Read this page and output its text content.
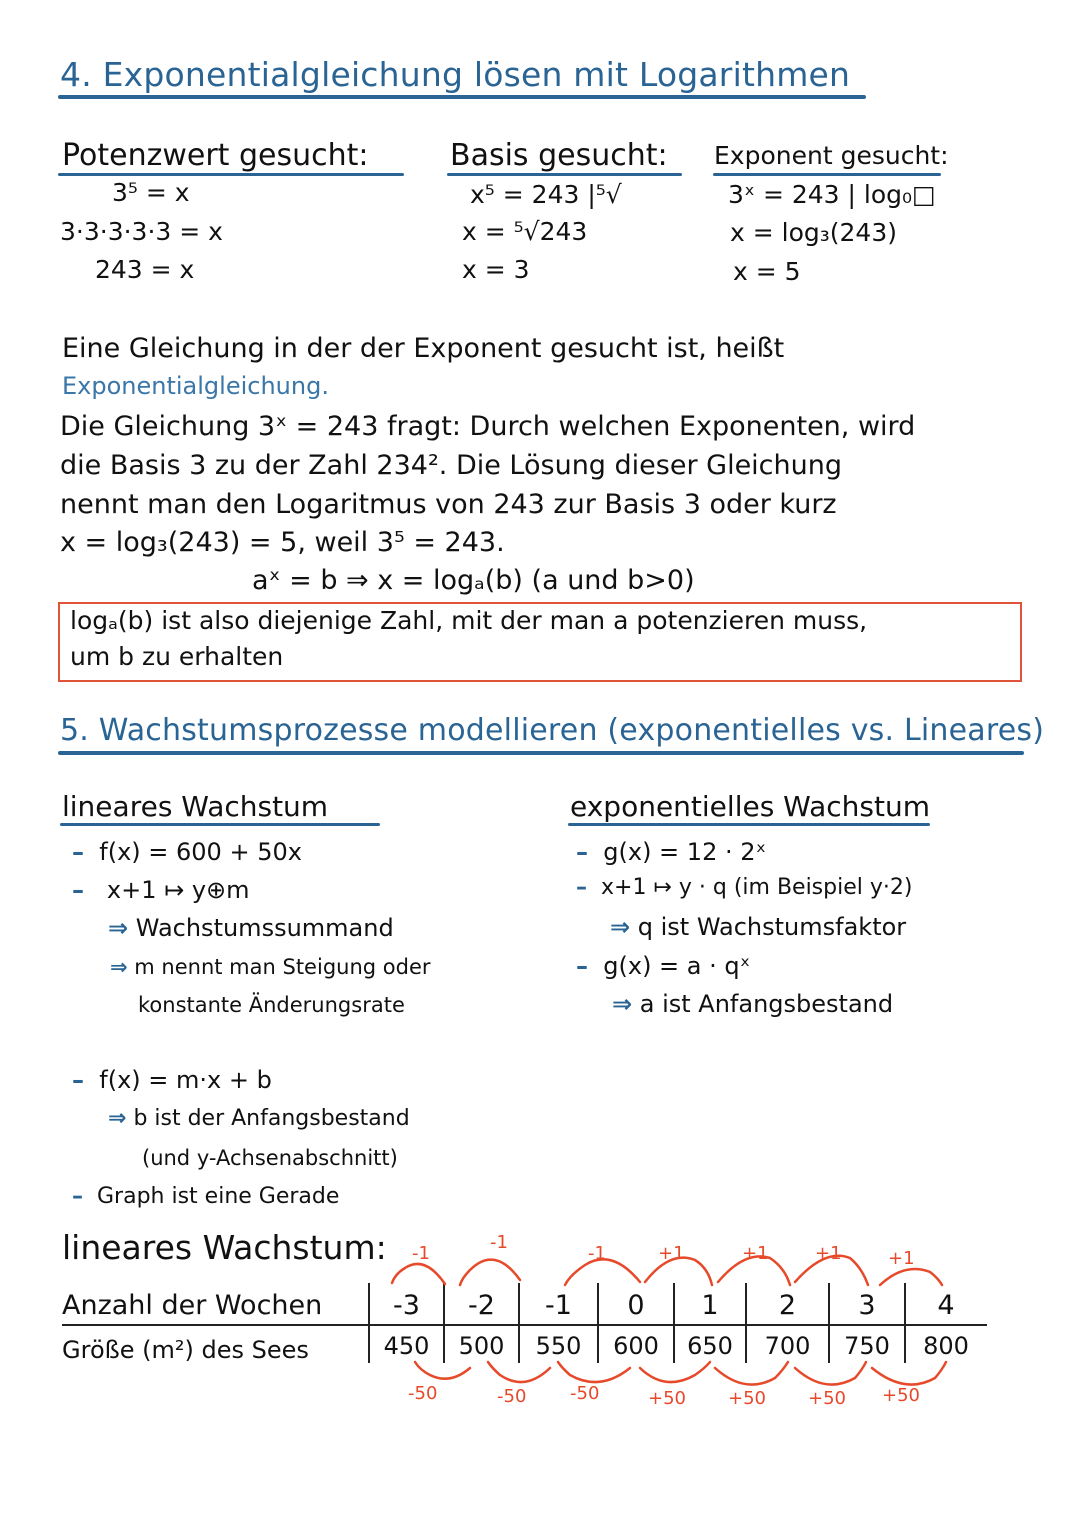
4. Exponentialgleichung lösen mit Logarithmen
Potenzwert gesucht:
3⁵ = x
3·3·3·3·3 = x
243 = x
Basis gesucht:
x⁵ = 243 |⁵√
x = ⁵√243
x = 3
Exponent gesucht:
3ˣ = 243 | log₀□
x = log₃(243)
x = 5
Eine Gleichung in der der Exponent gesucht ist, heißt
Exponentialgleichung.
Die Gleichung 3ˣ = 243 fragt: Durch welchen Exponenten, wird
die Basis 3 zu der Zahl 234². Die Lösung dieser Gleichung
nennt man den Logaritmus von 243 zur Basis 3 oder kurz
x = log₃(243) = 5, weil 3⁵ = 243.
aˣ = b ⇒ x = logₐ(b) (a und b>0)
logₐ(b) ist also diejenige Zahl, mit der man a potenzieren muss,
um b zu erhalten
5. Wachstumsprozesse modellieren (exponentielles vs. Lineares)
lineares Wachstum
– f(x) = 600 + 50x
– x+1 ↦ y⊕m
⇒ Wachstumssummand
⇒ m nennt man Steigung oder
konstante Änderungsrate
– f(x) = m·x + b
⇒ b ist der Anfangsbestand
(und y-Achsenabschnitt)
– Graph ist eine Gerade
exponentielles Wachstum
– g(x) = 12 · 2ˣ
– x+1 ↦ y · q (im Beispiel y·2)
⇒ q ist Wachstumsfaktor
– g(x) = a · qˣ
⇒ a ist Anfangsbestand
lineares Wachstum:
Anzahl der Wochen
Größe (m²) des Sees
-3	-2	-1	0	1	2	3	4
450	500	550	600	650	700	750	800
-1
-1
-1	+1	+1	+1	+1
-50	-50 -50	+50 +50 +50 +50
